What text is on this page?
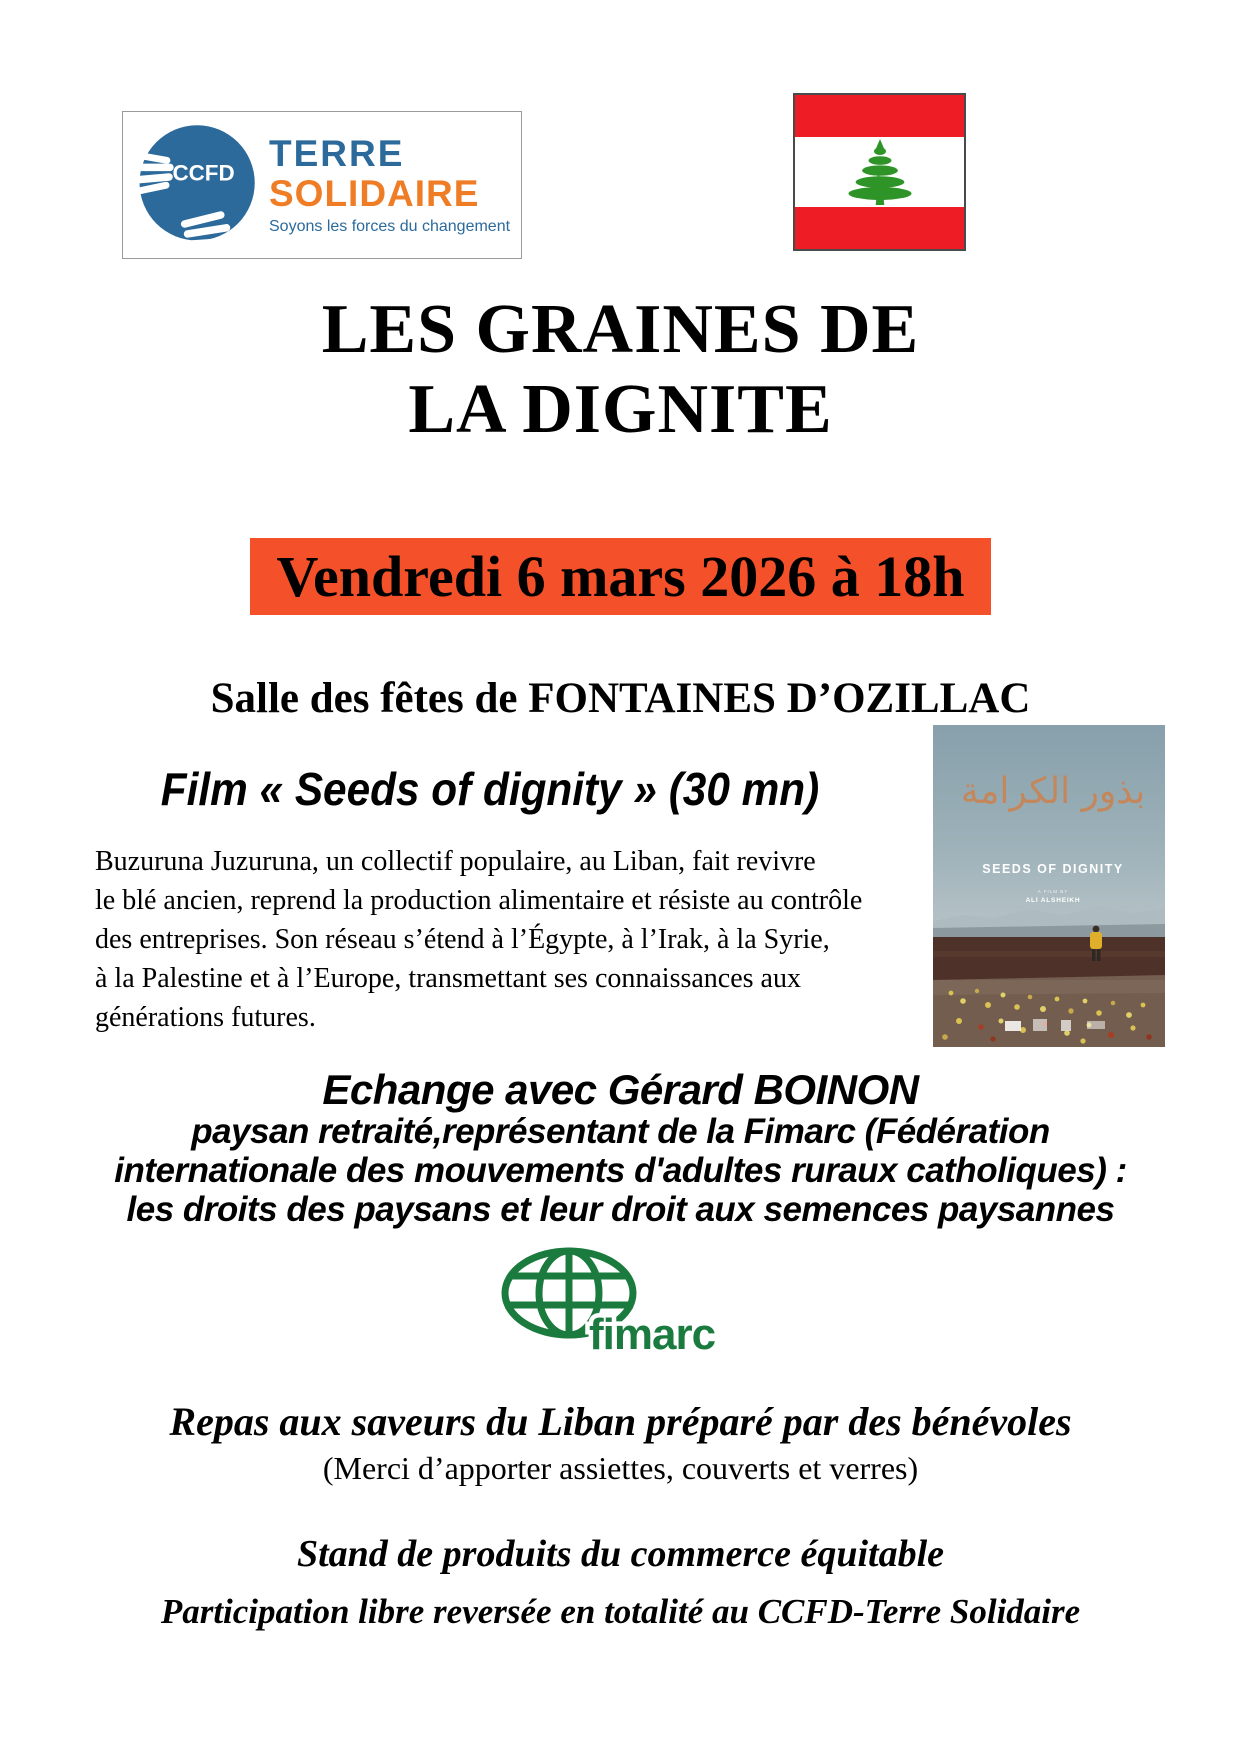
CCFD TERRE
SOLIDAIRE
Soyons les forces du changement
LES GRAINES DE
LA DIGNITE
Vendredi 6 mars 2026 à 18h
Salle des fêtes de FONTAINES D’OZILLAC
Film « Seeds of dignity » (30 mn)
Buzuruna Juzuruna, un collectif populaire, au Liban, fait revivre
le blé ancien, reprend la production alimentaire et résiste au contrôle
des entreprises. Son réseau s’étend à l’Égypte, à l’Irak, à la Syrie,
à la Palestine et à l’Europe, transmettant ses connaissances aux
générations futures.
بذور الكرامة
SEEDS OF DIGNITY
A FILM BY
ALI ALSHEIKH
Echange avec Gérard BOINON
paysan retraité,représentant de la Fimarc (Fédération
internationale des mouvements d'adultes ruraux catholiques) :
les droits des paysans et leur droit aux semences paysannes
fimarc
Repas aux saveurs du Liban préparé par des bénévoles
(Merci d’apporter assiettes, couverts et verres)
Stand de produits du commerce équitable
Participation libre reversée en totalité au CCFD-Terre Solidaire
